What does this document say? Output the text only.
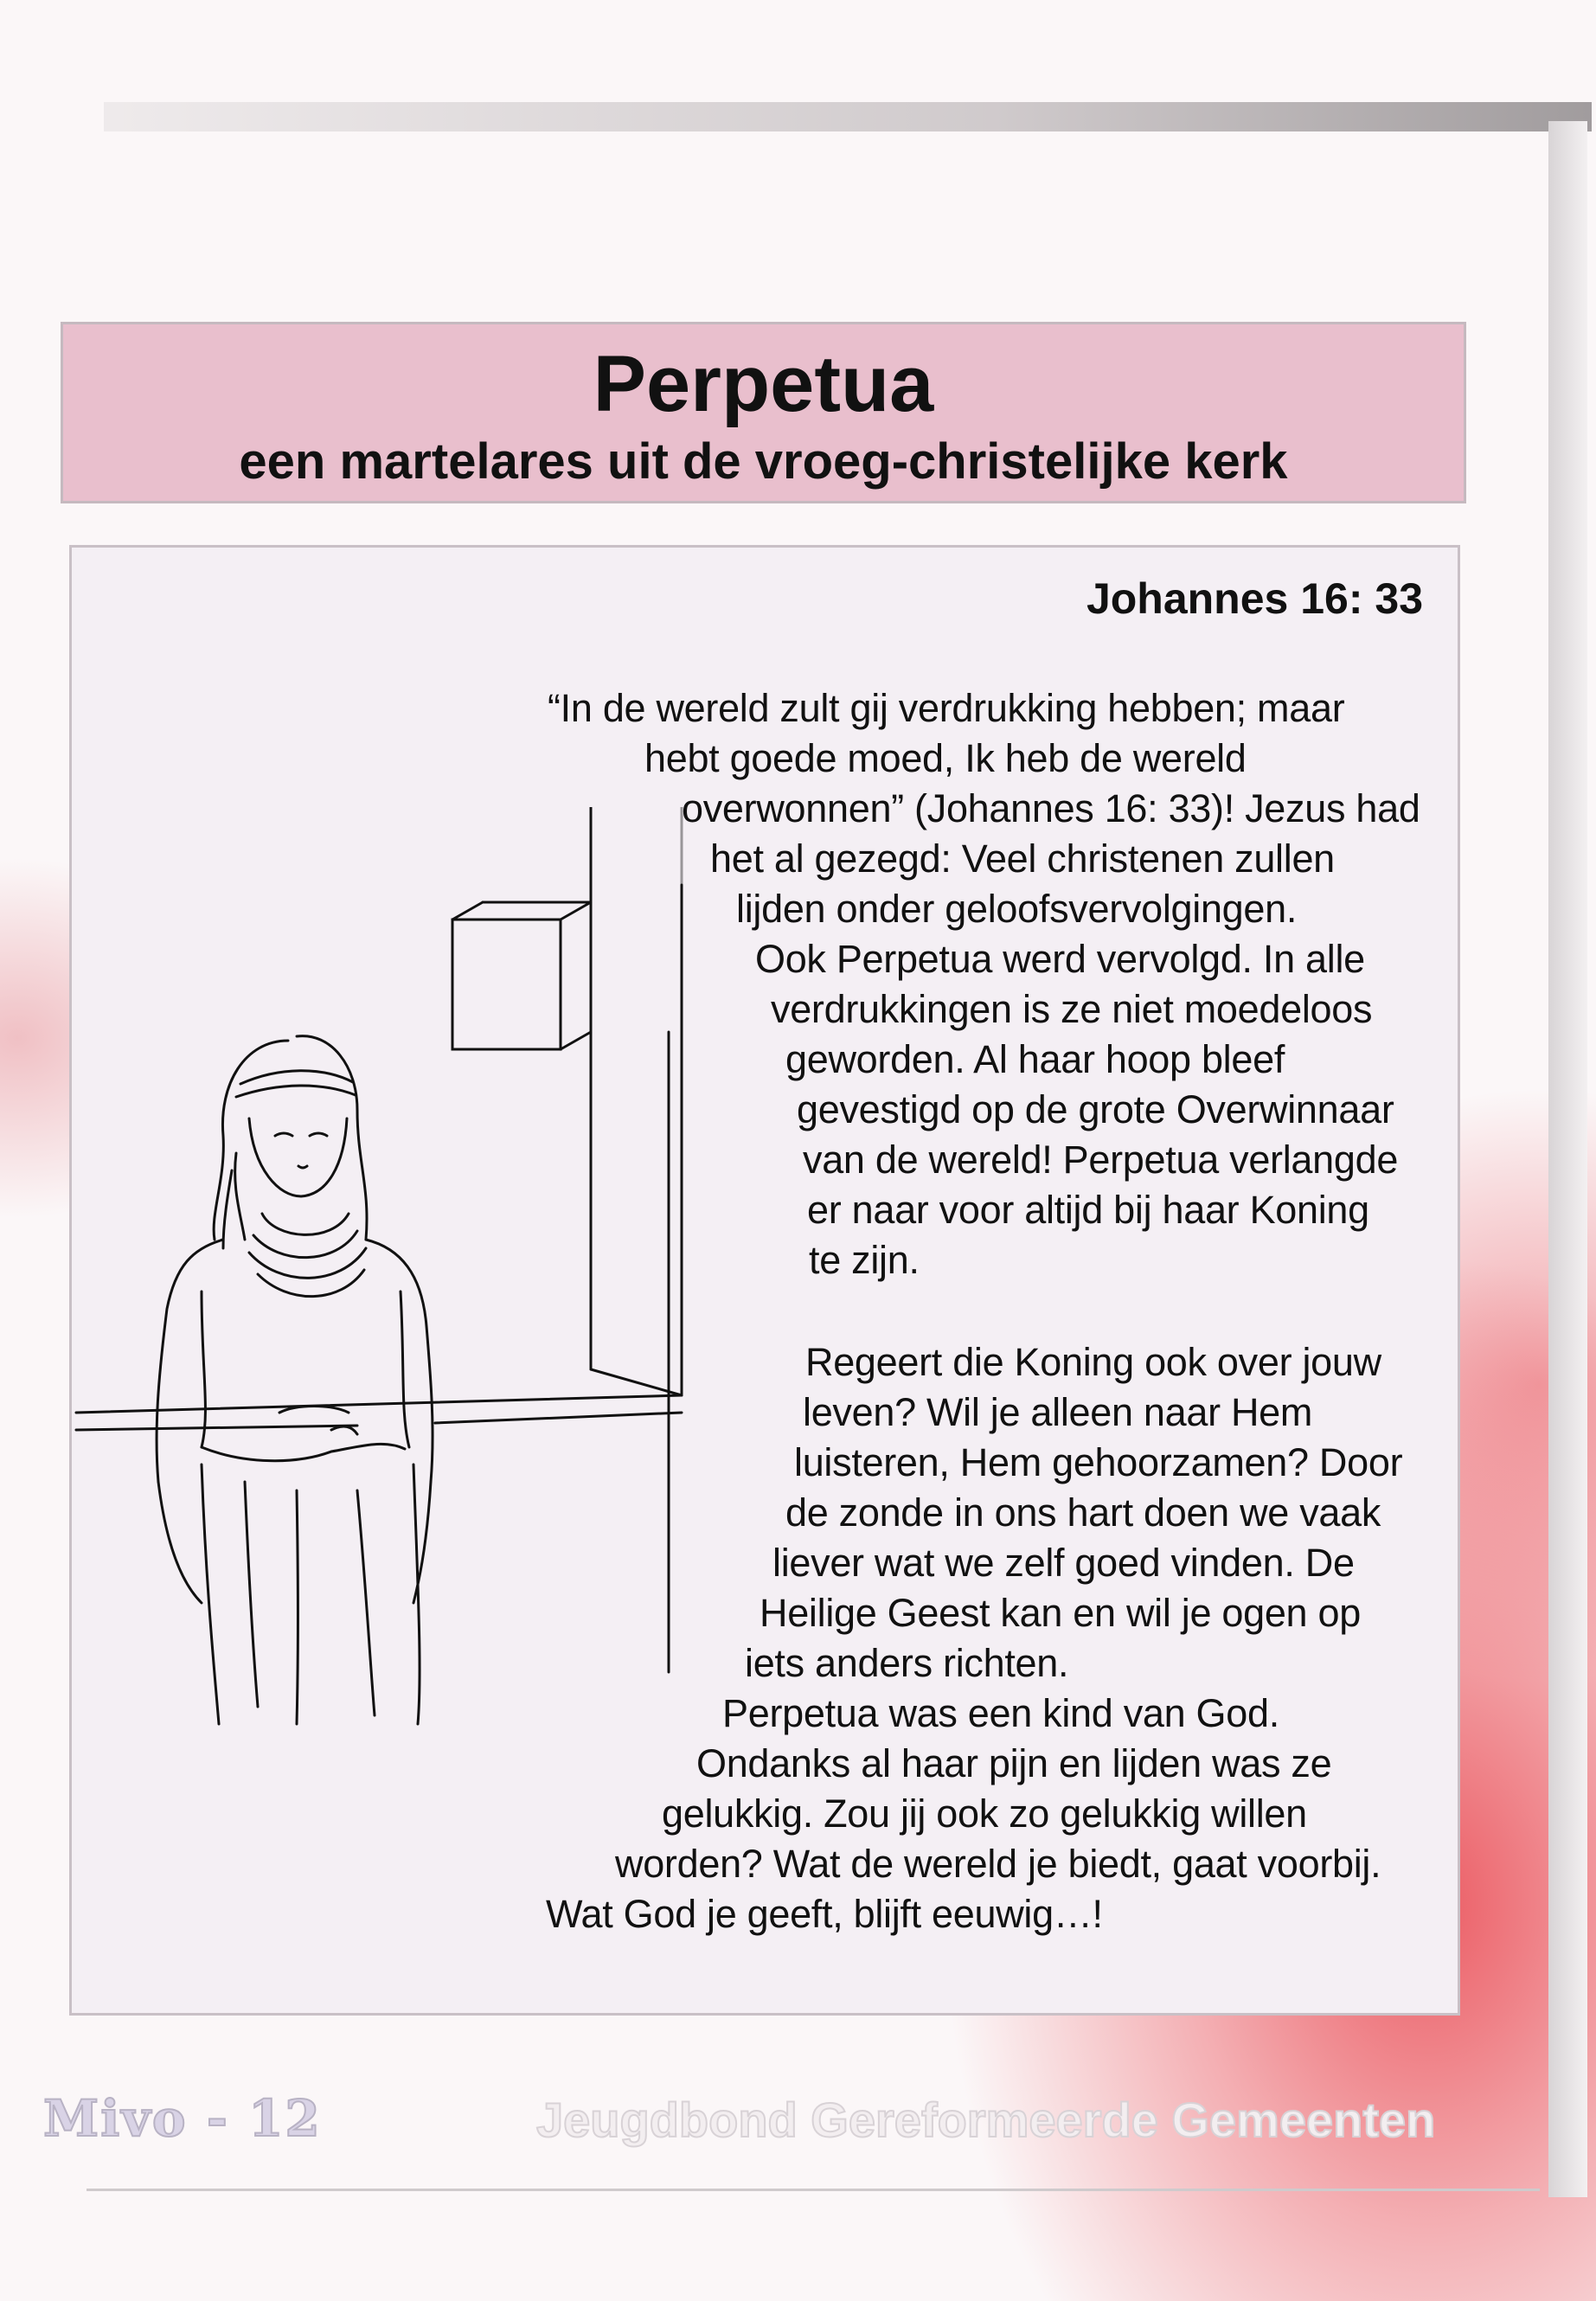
Perpetua

een martelares uit de vroeg-christelijke kerk

Johannes 16: 33
“In de wereld zult gij verdrukking hebben; maar
hebt goede moed, Ik heb de wereld
overwonnen” (Johannes 16: 33)! Jezus had
het al gezegd: Veel christenen zullen
lijden onder geloofsvervolgingen.
Ook Perpetua werd vervolgd. In alle
verdrukkingen is ze niet moedeloos
geworden. Al haar hoop bleef
gevestigd op de grote Overwinnaar
van de wereld! Perpetua verlangde
er naar voor altijd bij haar Koning
te zijn.
Regeert die Koning ook over jouw
leven? Wil je alleen naar Hem
luisteren, Hem gehoorzamen? Door
de zonde in ons hart doen we vaak
liever wat we zelf goed vinden. De
Heilige Geest kan en wil je ogen op
iets anders richten.
Perpetua was een kind van God.
Ondanks al haar pijn en lijden was ze
gelukkig. Zou jij ook zo gelukkig willen
worden? Wat de wereld je biedt, gaat voorbij.
Wat God je geeft, blijft eeuwig…!
Mivo - 12	Jeugdbond Gereformeerde Gemeenten
